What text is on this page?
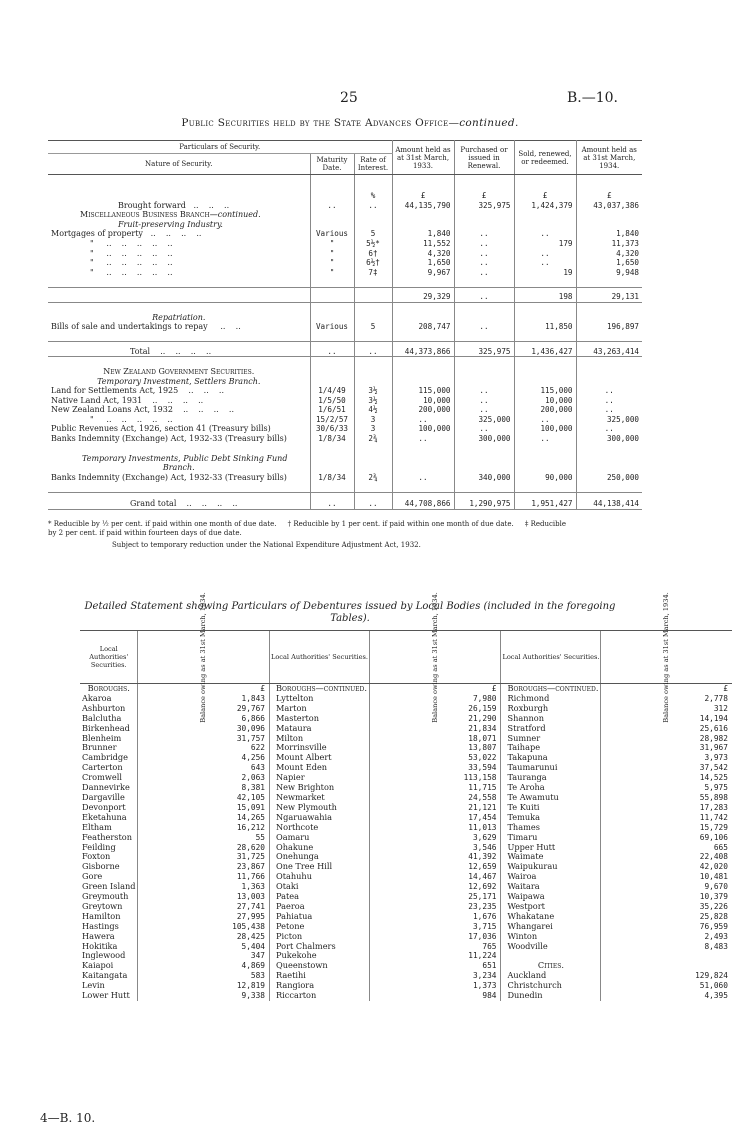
25	B.—10.
Public Securities held by the State Advances Office—continued.
Particulars of Security.			Amount held as at 31st March, 1933.	Purchased or issued in Renewal.	Sold, renewed, or redeemed.	Amount held as at 31st March, 1934.
Nature of Security.	Maturity Date.	Rate of Interest.				

		%	£	£	£	£
Brought forward   ..    ..    ..	..	..	44,135,790	325,975	1,424,379	43,037,386
Miscellaneous Business Branch—continued.						
Fruit-preserving Industry.						
Mortgages of property   ..    ..    ..    ..	Various	5	1,840	..	..	1,840
"     ..    ..    ..    ..    ..	"	5½*	11,552	..	179	11,373
"     ..    ..    ..    ..    ..	"	6†	4,320	..	..	4,320
"     ..    ..    ..    ..    ..	"	6½†	1,650	..	..	1,650
"     ..    ..    ..    ..    ..	"	7‡	9,967	..	19	9,948

			29,329	..	198	29,131

Repatriation.						
Bills of sale and undertakings to repay     ..    ..	Various	5	208,747	..	11,850	196,897

Total    ..    ..    ..    ..	..	..	44,373,866	325,975	1,436,427	43,263,414

New Zealand Government Securities.						
Temporary Investment, Settlers Branch.						
Land for Settlements Act, 1925    ..    ..    ..	1/4/49	3½	115,000	..	115,000	..
Native Land Act, 1931    ..    ..    ..    ..	1/5/50	3½	10,000	..	10,000	..
New Zealand Loans Act, 1932    ..    ..    ..    ..	1/6/51	4½	200,000	..	200,000	..
"     ..    ..    ..    ..    ..	15/2/57	3	..	325,000	..	325,000
Public Revenues Act, 1926, section 41 (Treasury bills)	30/6/33	3	100,000	..	100,000	..
Banks Indemnity (Exchange) Act, 1932-33 (Treasury bills)	1/8/34	2¾	..	300,000	..	300,000

Temporary Investments, Public Debt Sinking Fund						
Branch.						
Banks Indemnity (Exchange) Act, 1932-33 (Treasury bills)	1/8/34	2¾	..	340,000	90,000	250,000

Grand total    ..    ..    ..    ..	..	..	44,708,866	1,290,975	1,951,427	44,138,414
* Reducible by ½ per cent. if paid within one month of due date.     † Reducible by 1 per cent. if paid within one month of due date.     ‡ Reducible
by 2 per cent. if paid within fourteen days of due date.
Subject to temporary reduction under the National Expenditure Adjustment Act, 1932.
Detailed Statement showing Particulars of Debentures issued by Local Bodies (included in the foregoing
Tables).
Local Authorities' Securities.	Balance owing as at 31st March, 1934.	Local Authorities' Securities.	Balance owing as at 31st March, 1934.	Local Authorities' Securities.	Balance owing as at 31st March, 1934.
Boroughs.	£	Boroughs—continued.	£	Boroughs—continued.	£
Akaroa	1,843	Lyttelton	7,980	Richmond	2,778
Ashburton	29,767	Marton	26,159	Roxburgh	312
Balclutha	6,866	Masterton	21,290	Shannon	14,194
Birkenhead	30,096	Mataura	21,834	Stratford	25,616
Blenheim	31,757	Milton	18,071	Sumner	28,982
Brunner	622	Morrinsville	13,807	Taihape	31,967
Cambridge	4,256	Mount Albert	53,022	Takapuna	3,973
Carterton	643	Mount Eden	33,594	Taumarunui	37,542
Cromwell	2,063	Napier	113,158	Tauranga	14,525
Dannevirke	8,381	New Brighton	11,715	Te Aroha	5,975
Dargaville	42,105	Newmarket	24,558	Te Awamutu	55,898
Devonport	15,091	New Plymouth	21,121	Te Kuiti	17,283
Eketahuna	14,265	Ngaruawahia	17,454	Temuka	11,742
Eltham	16,212	Northcote	11,013	Thames	15,729
Featherston	55	Oamaru	3,629	Timaru	69,106
Feilding	28,620	Ohakune	3,546	Upper Hutt	665
Foxton	31,725	Onehunga	41,392	Waimate	22,408
Gisborne	23,867	One Tree Hill	12,659	Waipukurau	42,020
Gore	11,766	Otahuhu	14,467	Wairoa	10,481
Green Island	1,363	Otaki	12,692	Waitara	9,670
Greymouth	13,003	Patea	25,171	Waipawa	10,379
Greytown	27,741	Paeroa	23,235	Westport	35,226
Hamilton	27,995	Pahiatua	1,676	Whakatane	25,828
Hastings	105,438	Petone	3,715	Whangarei	76,959
Hawera	28,425	Picton	17,036	Winton	2,493
Hokitika	5,404	Port Chalmers	765	Woodville	8,483
Inglewood	347	Pukekohe	11,224		
Kaiapoi	4,869	Queenstown	651	Cities.	
Kaitangata	583	Raetihi	3,234	Auckland	129,824
Levin	12,819	Rangiora	1,373	Christchurch	51,060
Lower Hutt	9,338	Riccarton	984	Dunedin	4,395
4—B. 10.
